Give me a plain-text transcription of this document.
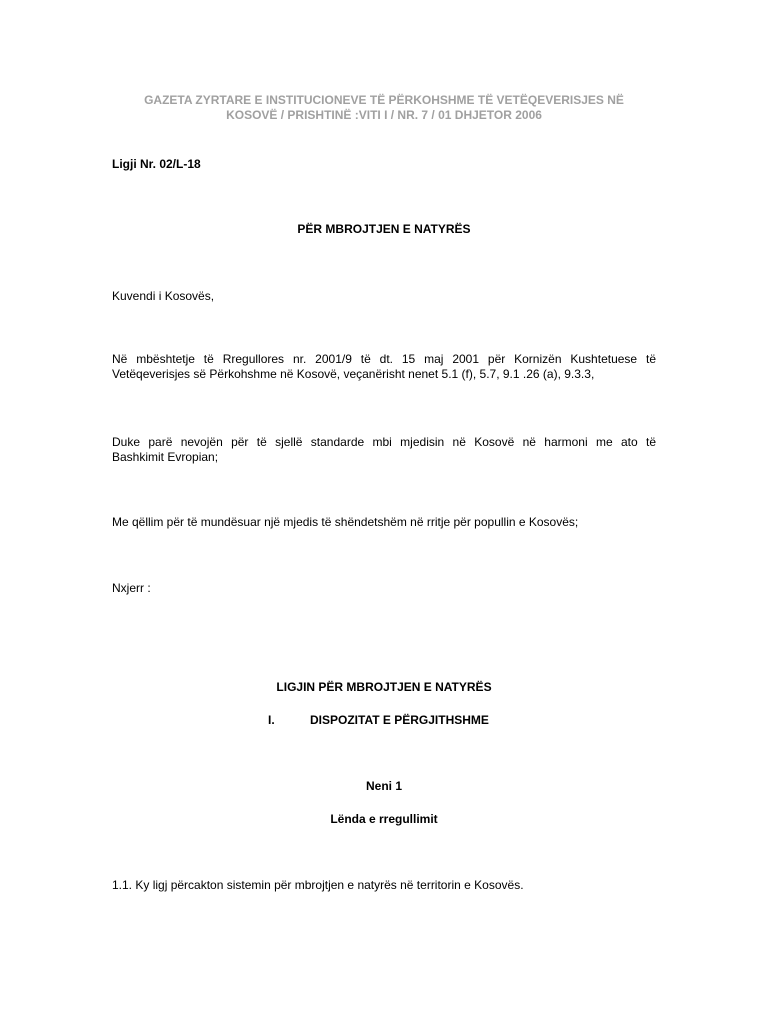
GAZETA ZYRTARE E INSTITUCIONEVE TË PËRKOHSHME TË VETËQEVERISJES NË
KOSOVË / PRISHTINË :VITI I / NR. 7 / 01 DHJETOR 2006
Ligji Nr. 02/L-18
PËR MBROJTJEN E NATYRËS
Kuvendi i Kosovës,
Në mbështetje të Rregullores nr. 2001/9 të dt. 15 maj 2001 për Kornizën Kushtetuese të
Vetëqeverisjes së Përkohshme në Kosovë, veçanërisht nenet 5.1 (f), 5.7, 9.1 .26 (a), 9.3.3,
Duke parë nevojën për të sjellë standarde mbi mjedisin në Kosovë në harmoni me ato të
Bashkimit Evropian;
Me qëllim për të mundësuar një mjedis të shëndetshëm në rritje për popullin e Kosovës;
Nxjerr :
LIGJIN PËR MBROJTJEN E NATYRËS
I.	DISPOZITAT E PËRGJITHSHME
Neni 1
Lënda e rregullimit
1.1. Ky ligj përcakton sistemin për mbrojtjen e natyrës në territorin e Kosovës.
